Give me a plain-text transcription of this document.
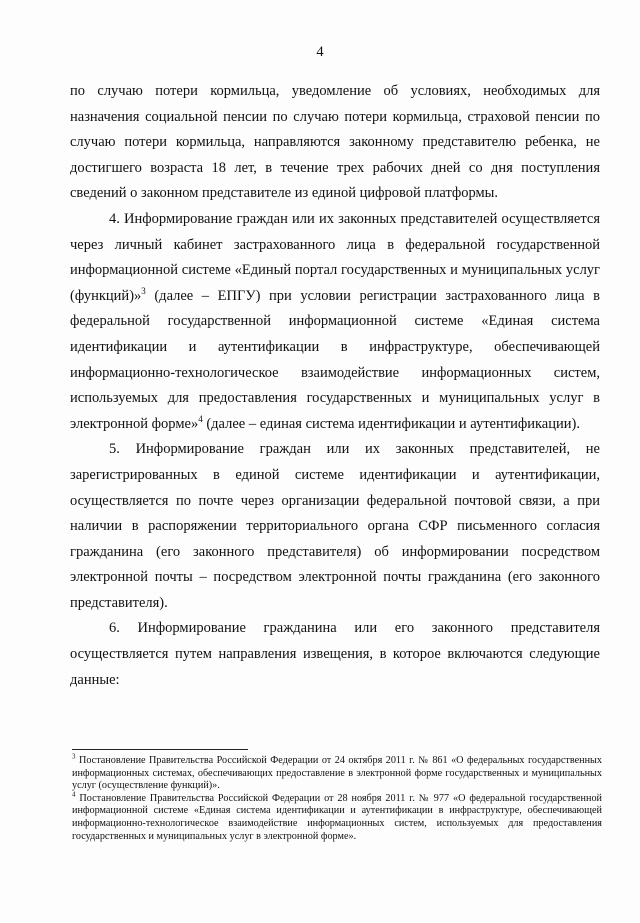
4

по случаю потери кормильца, уведомление об условиях, необходимых для назначения социальной пенсии по случаю потери кормильца, страховой пенсии по случаю потери кормильца, направляются законному представителю ребенка, не достигшего возраста 18 лет, в течение трех рабочих дней со дня поступления сведений о законном представителе из единой цифровой платформы.

4. Информирование граждан или их законных представителей осуществляется через личный кабинет застрахованного лица в федеральной государственной информационной системе «Единый портал государственных и муниципальных услуг (функций)»$^3$ (далее – ЕПГУ) при условии регистрации застрахованного лица в федеральной государственной информационной системе «Единая система идентификации и аутентификации в инфраструктуре, обеспечивающей информационно-технологическое взаимодействие информационных систем, используемых для предоставления государственных и муниципальных услуг в электронной форме»$^4$ (далее – единая система идентификации и аутентификации).

5. Информирование граждан или их законных представителей, не зарегистрированных в единой системе идентификации и аутентификации, осуществляется по почте через организации федеральной почтовой связи, а при наличии в распоряжении территориального органа СФР письменного согласия гражданина (его законного представителя) об информировании посредством электронной почты – посредством электронной почты гражданина (его законного представителя).

6. Информирование гражданина или его законного представителя осуществляется путем направления извещения, в которое включаются следующие данные:

$^3$ Постановление Правительства Российской Федерации от 24 октября 2011 г. № 861 «О федеральных государственных информационных системах, обеспечивающих предоставление в электронной форме государственных и муниципальных услуг (осуществление функций)».

$^4$ Постановление Правительства Российской Федерации от 28 ноября 2011 г. № 977 «О федеральной государственной информационной системе «Единая система идентификации и аутентификации в инфраструктуре, обеспечивающей информационно-технологическое взаимодействие информационных систем, используемых для предоставления государственных и муниципальных услуг в электронной форме».
